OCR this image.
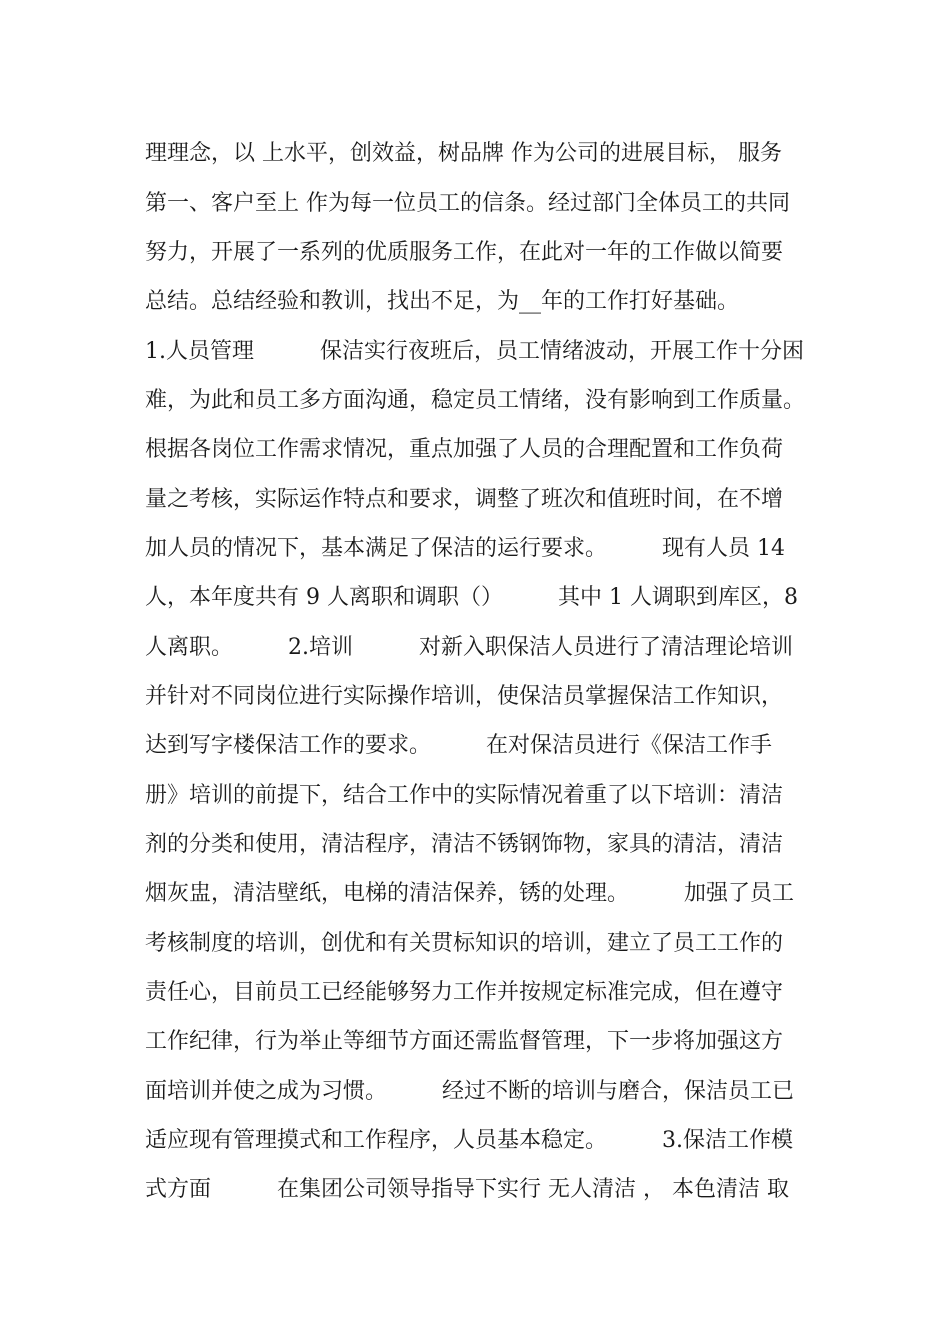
理理念，以 上水平，创效益，树品牌 作为公司的进展目标， 服务
第一、客户至上 作为每一位员工的信条。经过部门全体员工的共同
努力，开展了一系列的优质服务工作，在此对一年的工作做以简要
总结。总结经验和教训，找出不足，为__年的工作打好基础。
1.人员管理　　　保洁实行夜班后，员工情绪波动，开展工作十分困
难，为此和员工多方面沟通，稳定员工情绪，没有影响到工作质量。
根据各岗位工作需求情况，重点加强了人员的合理配置和工作负荷
量之考核，实际运作特点和要求，调整了班次和值班时间，在不增
加人员的情况下，基本满足了保洁的运行要求。　　　现有人员 14
人，本年度共有 9 人离职和调职（）　　　其中 1 人调职到库区，8
人离职。　　　2.培训　　　对新入职保洁人员进行了清洁理论培训
并针对不同岗位进行实际操作培训，使保洁员掌握保洁工作知识，
达到写字楼保洁工作的要求。　　　在对保洁员进行《保洁工作手
册》培训的前提下，结合工作中的实际情况着重了以下培训：清洁
剂的分类和使用，清洁程序，清洁不锈钢饰物，家具的清洁，清洁
烟灰盅，清洁壁纸，电梯的清洁保养，锈的处理。　　　加强了员工
考核制度的培训，创优和有关贯标知识的培训，建立了员工工作的
责任心，目前员工已经能够努力工作并按规定标准完成，但在遵守
工作纪律，行为举止等细节方面还需监督管理，下一步将加强这方
面培训并使之成为习惯。　　　经过不断的培训与磨合，保洁员工已
适应现有管理摸式和工作程序，人员基本稳定。　　　3.保洁工作模
式方面　　　在集团公司领导指导下实行 无人清洁 ， 本色清洁 取
